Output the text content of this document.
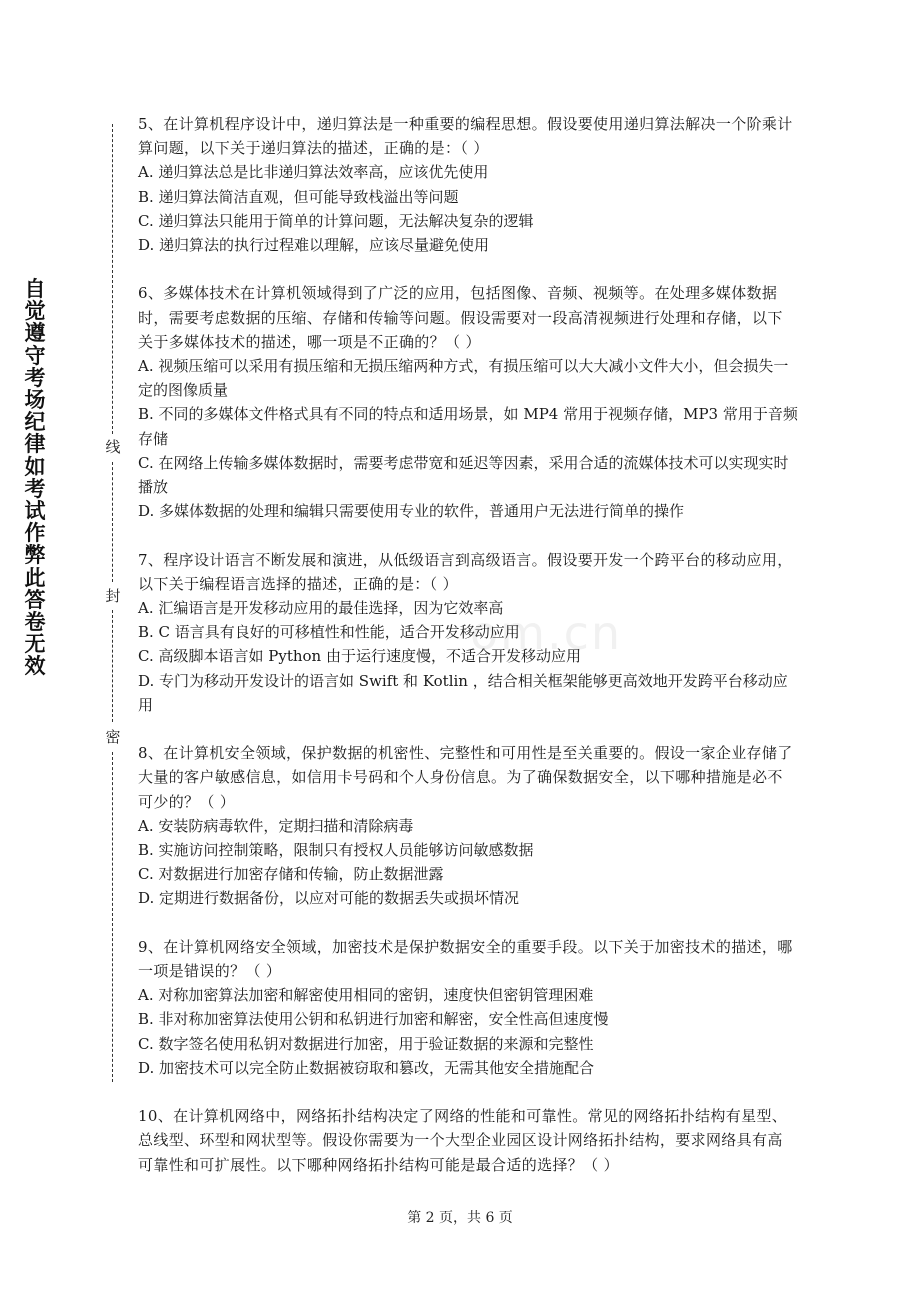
自觉遵守考场纪律如考试作弊此答卷无效
线
封
密
om.cn

5、在计算机程序设计中，递归算法是一种重要的编程思想。假设要使用递归算法解决一个阶乘计算问题，以下关于递归算法的描述，正确的是：（ ）

A. 递归算法总是比非递归算法效率高，应该优先使用

B. 递归算法简洁直观，但可能导致栈溢出等问题

C. 递归算法只能用于简单的计算问题，无法解决复杂的逻辑

D. 递归算法的执行过程难以理解，应该尽量避免使用

6、多媒体技术在计算机领域得到了广泛的应用，包括图像、音频、视频等。在处理多媒体数据时，需要考虑数据的压缩、存储和传输等问题。假设需要对一段高清视频进行处理和存储，以下关于多媒体技术的描述，哪一项是不正确的？（ ）

A. 视频压缩可以采用有损压缩和无损压缩两种方式，有损压缩可以大大减小文件大小，但会损失一定的图像质量

B. 不同的多媒体文件格式具有不同的特点和适用场景，如 MP4 常用于视频存储，MP3 常用于音频存储

C. 在网络上传输多媒体数据时，需要考虑带宽和延迟等因素，采用合适的流媒体技术可以实现实时播放

D. 多媒体数据的处理和编辑只需要使用专业的软件，普通用户无法进行简单的操作

7、程序设计语言不断发展和演进，从低级语言到高级语言。假设要开发一个跨平台的移动应用，以下关于编程语言选择的描述，正确的是：（ ）

A. 汇编语言是开发移动应用的最佳选择，因为它效率高

B. C 语言具有良好的可移植性和性能，适合开发移动应用

C. 高级脚本语言如 Python 由于运行速度慢，不适合开发移动应用

D. 专门为移动开发设计的语言如 Swift 和 Kotlin ，结合相关框架能够更高效地开发跨平台移动应用

8、在计算机安全领域，保护数据的机密性、完整性和可用性是至关重要的。假设一家企业存储了大量的客户敏感信息，如信用卡号码和个人身份信息。为了确保数据安全，以下哪种措施是必不可少的？（ ）

A. 安装防病毒软件，定期扫描和清除病毒

B. 实施访问控制策略，限制只有授权人员能够访问敏感数据

C. 对数据进行加密存储和传输，防止数据泄露

D. 定期进行数据备份，以应对可能的数据丢失或损坏情况

9、在计算机网络安全领域，加密技术是保护数据安全的重要手段。以下关于加密技术的描述，哪一项是错误的？（ ）

A. 对称加密算法加密和解密使用相同的密钥，速度快但密钥管理困难

B. 非对称加密算法使用公钥和私钥进行加密和解密，安全性高但速度慢

C. 数字签名使用私钥对数据进行加密，用于验证数据的来源和完整性

D. 加密技术可以完全防止数据被窃取和篡改，无需其他安全措施配合

10、在计算机网络中，网络拓扑结构决定了网络的性能和可靠性。常见的网络拓扑结构有星型、总线型、环型和网状型等。假设你需要为一个大型企业园区设计网络拓扑结构，要求网络具有高可靠性和可扩展性。以下哪种网络拓扑结构可能是最合适的选择？（ ）

第 2 页，共 6 页
